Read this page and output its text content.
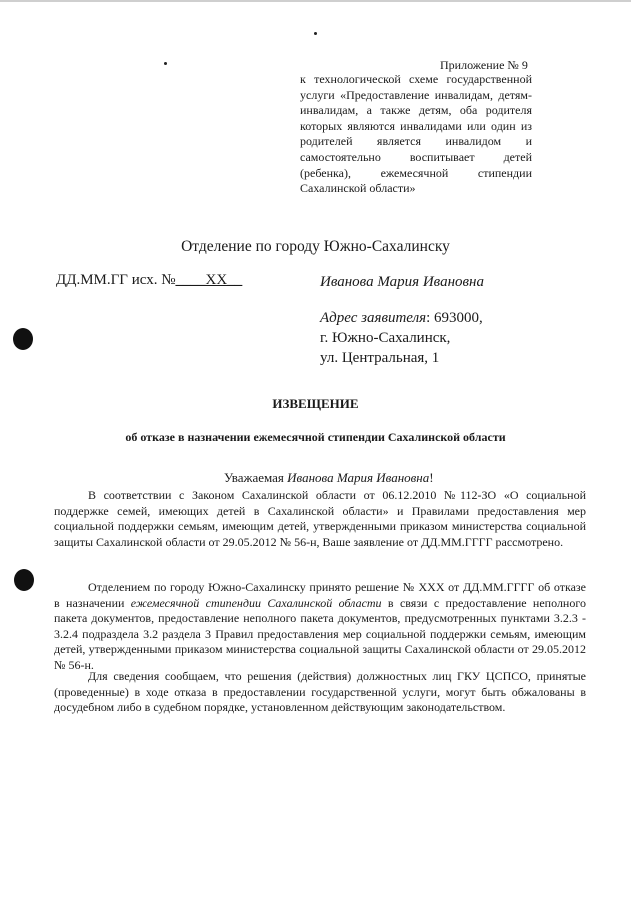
Приложение № 9
к технологической схеме государственной услуги «Предоставление инвалидам, детям-инвалидам, а также детям, оба родителя которых являются инвалидами или один из родителей является инвалидом и самостоятельно воспитывает детей (ребенка), ежемесячной стипендии Сахалинской области»
Отделение по городу Южно-Сахалинску
ДД.ММ.ГГ исх. №____XX__	Иванова Мария Ивановна
Адрес заявителя: 693000,
г. Южно-Сахалинск,
ул. Центральная, 1
ИЗВЕЩЕНИЕ
об отказе в назначении ежемесячной стипендии Сахалинской области
Уважаемая Иванова Мария Ивановна!
В соответствии с Законом Сахалинской области от 06.12.2010 №112-ЗО «О социальной поддержке семей, имеющих детей в Сахалинской области» и Правилами предоставления мер социальной поддержки семьям, имеющим детей, утвержденными приказом министерства социальной защиты Сахалинской области от 29.05.2012 № 56-н, Ваше заявление от ДД.ММ.ГГГГ рассмотрено.
Отделением по городу Южно-Сахалинску принято решение № ХХХ от ДД.ММ.ГГГГ об отказе в назначении ежемесячной стипендии Сахалинской области в связи с предоставление неполного пакета документов, предоставление неполного пакета документов, предусмотренных пунктами 3.2.3 - 3.2.4 подраздела 3.2 раздела 3 Правил предоставления мер социальной поддержки семьям, имеющим детей, утвержденными приказом министерства социальной защиты Сахалинской области от 29.05.2012 № 56-н.
Для сведения сообщаем, что решения (действия) должностных лиц ГКУ ЦСПСО, принятые (проведенные) в ходе отказа в предоставлении государственной услуги, могут быть обжалованы в досудебном либо в судебном порядке, установленном действующим законодательством.
